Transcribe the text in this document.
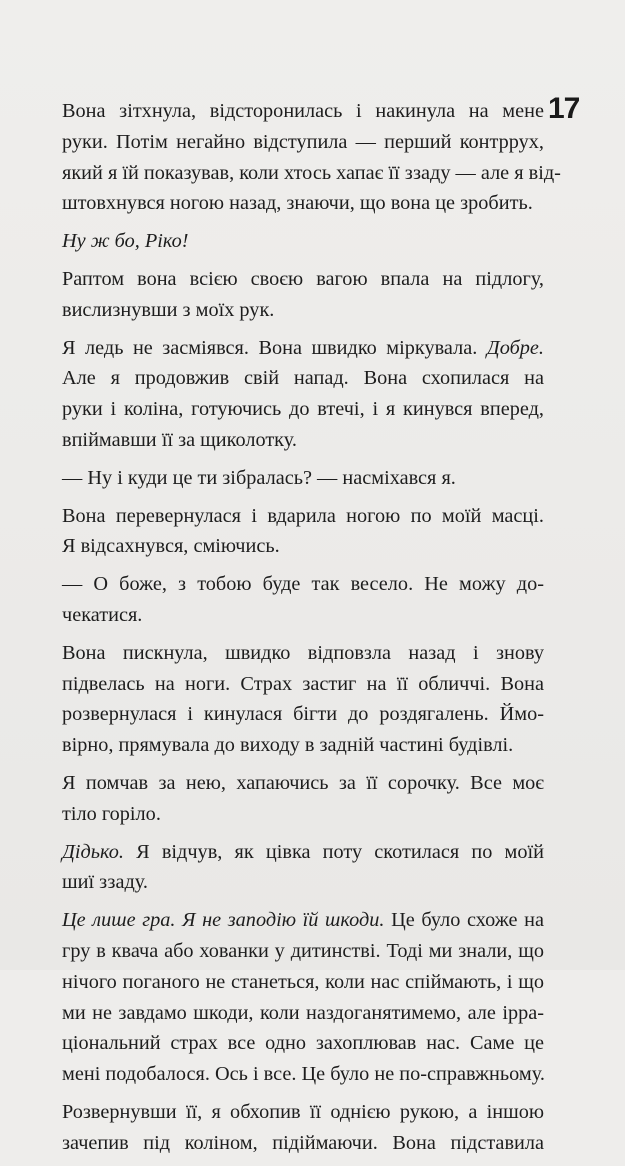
17

Вона зітхнула, відсторонилась і накинула на мене
руки. Потім негайно відступила — перший контррух,
який я їй показував, коли хтось хапає її ззаду — але я від-
штовхнувся ногою назад, знаючи, що вона це зробить.

Ну ж бо, Ріко!

Раптом вона всією своєю вагою впала на підлогу,
вислизнувши з моїх рук.

Я ледь не засміявся. Вона швидко міркувала. Добре.
Але я продовжив свій напад. Вона схопилася на
руки і коліна, готуючись до втечі, і я кинувся вперед,
впіймавши її за щиколотку.

— Ну і куди це ти зібралась? — насміхався я.

Вона перевернулася і вдарила ногою по моїй масці.
Я відсахнувся, сміючись.

— О боже, з тобою буде так весело. Не можу до-
чекатися.

Вона пискнула, швидко відповзла назад і знову
підвелась на ноги. Страх застиг на її обличчі. Вона
розвернулася і кинулася бігти до роздягалень. Ймо-
вірно, прямувала до виходу в задній частині будівлі.

Я помчав за нею, хапаючись за її сорочку. Все моє
тіло горіло.

Дідько. Я відчув, як цівка поту скотилася по моїй
шиї ззаду.

Це лише гра. Я не заподію їй шкоди. Це було схоже на
гру в квача або хованки у дитинстві. Тоді ми знали, що
нічого поганого не станеться, коли нас спіймають, і що
ми не завдамо шкоди, коли наздоганятимемо, але ірра-
ціональний страх все одно захоплював нас. Саме це
мені подобалося. Ось і все. Це було не по-справжньому.

Розвернувши її, я обхопив її однією рукою, а іншою
зачепив під коліном, підіймаючи. Вона підставила
